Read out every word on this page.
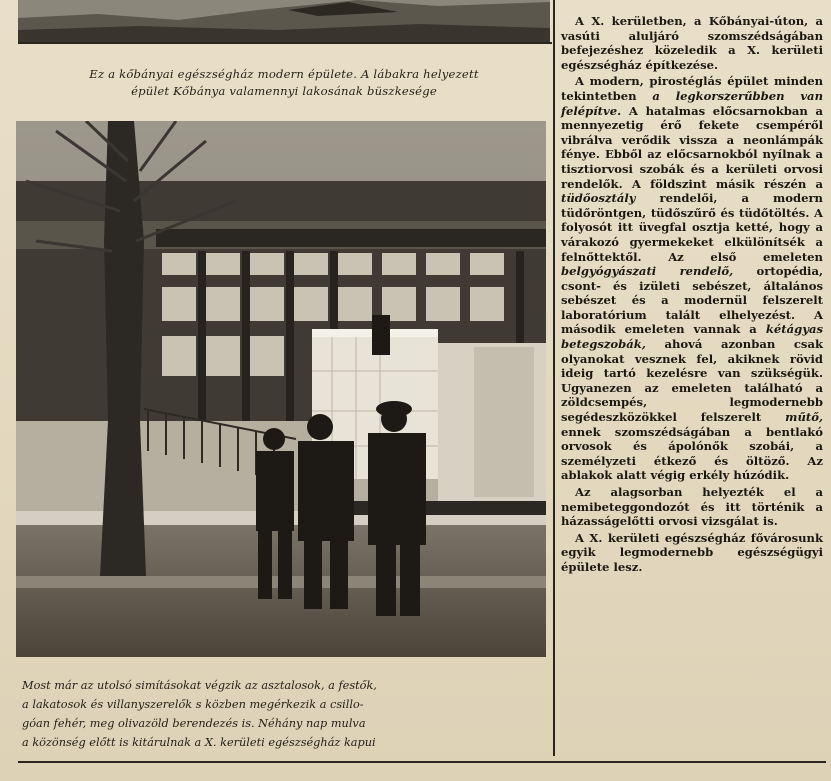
Ez a kőbányai egészségház modern épülete. A lábakra helyezett
épület Kőbánya valamennyi lakosának büszkesége
Most már az utolsó simításokat végzik az asztalosok, a festők,
a lakatosok és villanyszerelők s közben megérkezik a csillo-
góan fehér, meg olivazöld berendezés is. Néhány nap mulva
a közönség előtt is kitárulnak a X. kerületi egészségház kapui

A X. kerületben, a Kőbányai-úton, a vasúti aluljáró szomszédságában befejezéshez közeledik a X. kerületi egészségház építkezése.

A modern, pirostéglás épület minden tekintetben a legkorszerűbben van felépítve. A hatalmas előcsarnokban a mennyezetig érő fekete csempéről vibrálva verődik vissza a neonlámpák fénye. Ebből az előcsarnokból nyílnak a tisztiorvosi szobák és a kerületi orvosi rendelők. A földszint másik részén a tüdőosztály rendelői, a modern tüdőröntgen, tüdőszűrő és tüdőtöltés. A folyosót itt üvegfal osztja ketté, hogy a várakozó gyermekeket elkülönítsék a felnőttektől. Az első emeleten belgyógyászati rendelő, ortopédia, csont- és izületi sebészet, általános sebészet és a modernül felszerelt laboratórium talált elhelyezést. A második emeleten vannak a kétágyas betegszobák, ahová azonban csak olyanokat vesznek fel, akiknek rövid ideig tartó kezelésre van szükségük. Ugyanezen az emeleten található a zöldcsempés, legmodernebb segédeszközökkel felszerelt műtő, ennek szomszédságában a bentlakó orvosok és ápolónők szobái, a személyzeti étkező és öltöző. Az ablakok alatt végig erkély húzódik.

Az alagsorban helyezték el a nemibeteggondozót és itt történik a házasságelőtti orvosi vizsgálat is.

A X. kerületi egészségház fővárosunk egyik legmodernebb egészségügyi épülete lesz.
